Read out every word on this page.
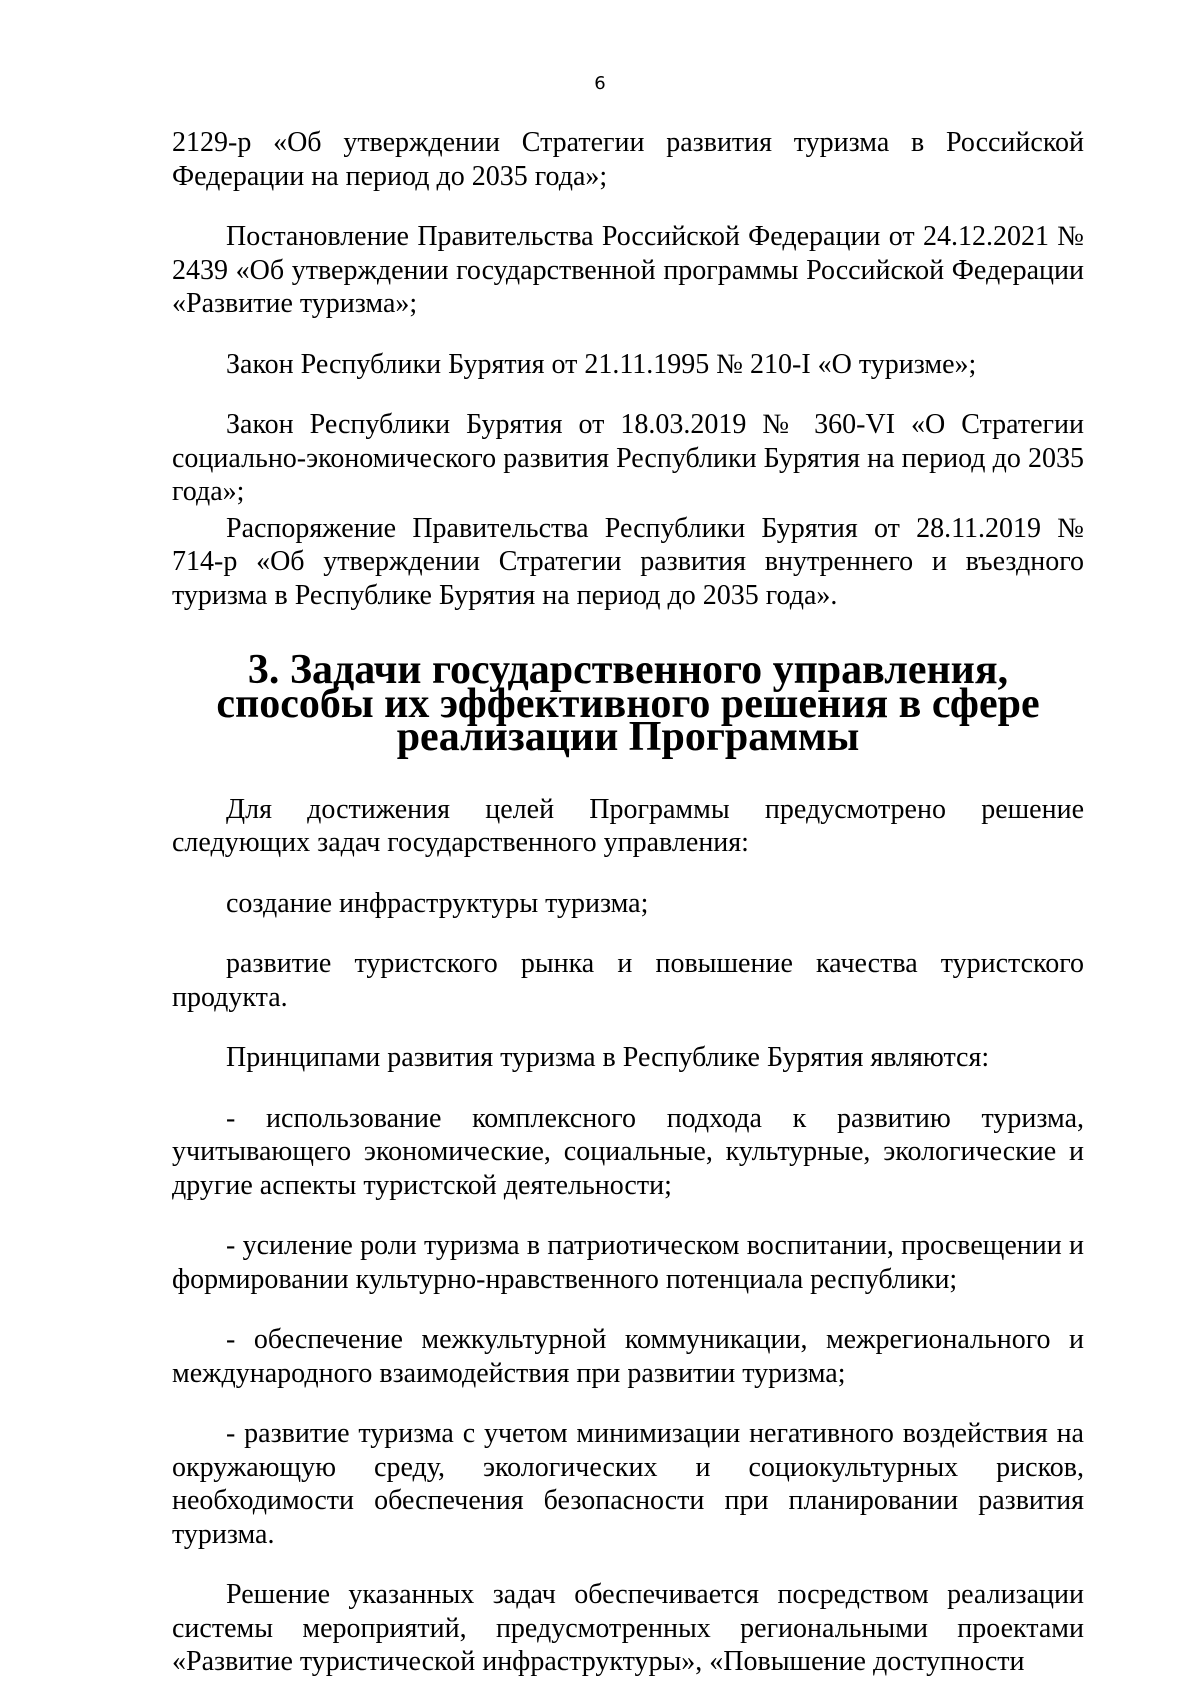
6

2129-р «Об утверждении Стратегии развития туризма в Российской Федерации на период до 2035 года»;

Постановление Правительства Российской Федерации от 24.12.2021 № 2439 «Об утверждении государственной программы Российской Федерации «Развитие туризма»;

Закон Республики Бурятия от 21.11.1995 № 210-I «О туризме»;

Закон Республики Бурятия от 18.03.2019 № 360-VI «О Стратегии социально-экономического развития Республики Бурятия на период до 2035 года»;

Распоряжение Правительства Республики Бурятия от 28.11.2019 № 714-р «Об утверждении Стратегии развития внутреннего и въездного туризма в Республике Бурятия на период до 2035 года».

3. Задачи государственного управления, способы их эффективного решения в сфере реализации Программы

Для достижения целей Программы предусмотрено решение следующих задач государственного управления:

создание инфраструктуры туризма;

развитие туристского рынка и повышение качества туристского продукта.

Принципами развития туризма в Республике Бурятия являются:

- использование комплексного подхода к развитию туризма, учитывающего экономические, социальные, культурные, экологические и другие аспекты туристской деятельности;

- усиление роли туризма в патриотическом воспитании, просвещении и формировании культурно-нравственного потенциала республики;

- обеспечение межкультурной коммуникации, межрегионального и международного взаимодействия при развитии туризма;

- развитие туризма с учетом минимизации негативного воздействия на окружающую среду, экологических и социокультурных рисков, необходимости обеспечения безопасности при планировании развития туризма.

Решение указанных задач обеспечивается посредством реализации системы мероприятий, предусмотренных региональными проектами «Развитие туристической инфраструктуры», «Повышение доступности
